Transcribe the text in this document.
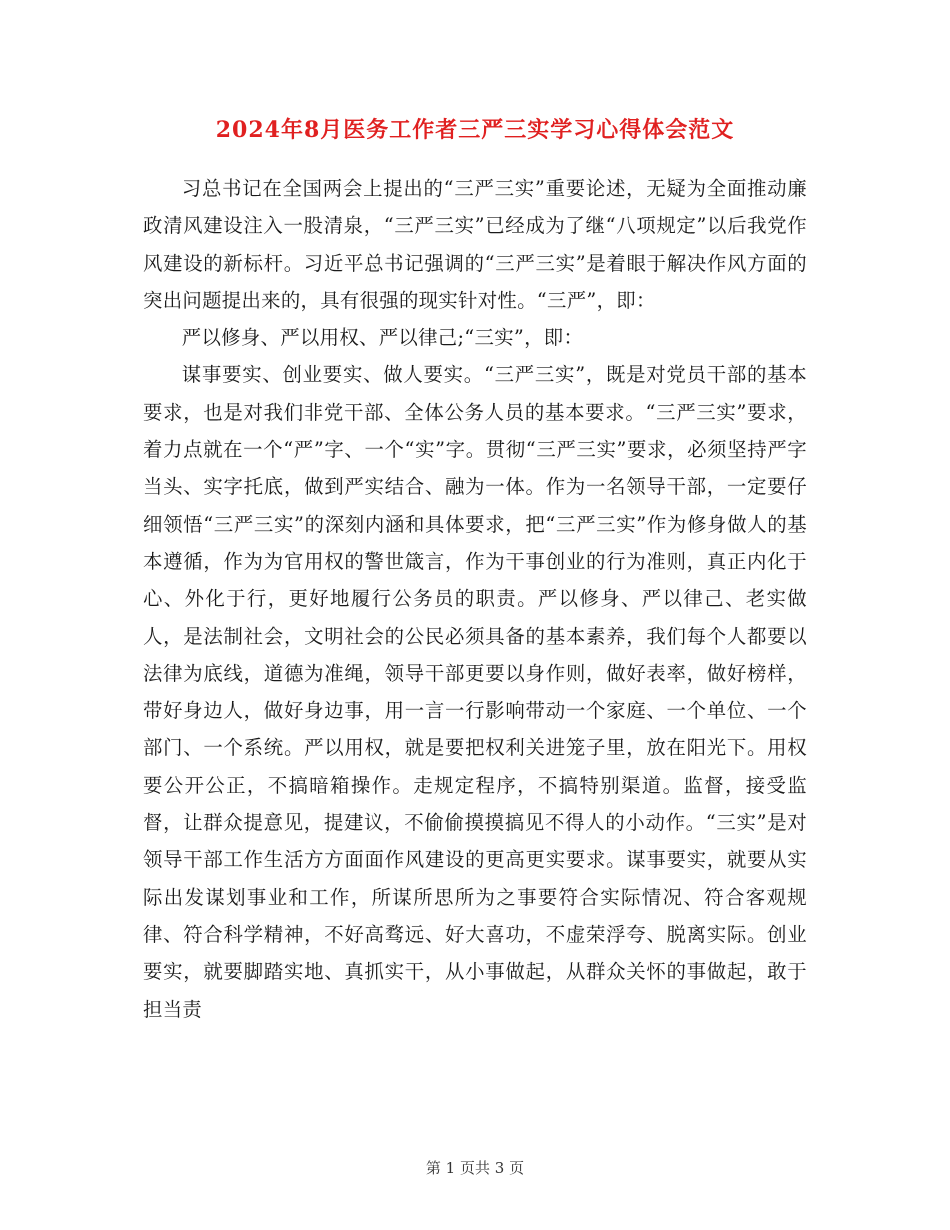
2024年8月医务工作者三严三实学习心得体会范文

习总书记在全国两会上提出的“三严三实”重要论述，无疑为全面推动廉政清风建设注入一股清泉，“三严三实”已经成为了继“八项规定”以后我党作风建设的新标杆。习近平总书记强调的“三严三实”是着眼于解决作风方面的突出问题提出来的，具有很强的现实针对性。“三严”，即：

严以修身、严以用权、严以律己;“三实”，即：

谋事要实、创业要实、做人要实。“三严三实”，既是对党员干部的基本要求，也是对我们非党干部、全体公务人员的基本要求。“三严三实”要求，着力点就在一个“严”字、一个“实”字。贯彻“三严三实”要求，必须坚持严字当头、实字托底，做到严实结合、融为一体。作为一名领导干部，一定要仔细领悟“三严三实”的深刻内涵和具体要求，把“三严三实”作为修身做人的基本遵循，作为为官用权的警世箴言，作为干事创业的行为准则，真正内化于心、外化于行，更好地履行公务员的职责。严以修身、严以律己、老实做人，是法制社会，文明社会的公民必须具备的基本素养，我们每个人都要以法律为底线，道德为准绳，领导干部更要以身作则，做好表率，做好榜样，带好身边人，做好身边事，用一言一行影响带动一个家庭、一个单位、一个部门、一个系统。严以用权，就是要把权利关进笼子里，放在阳光下。用权要公开公正，不搞暗箱操作。走规定程序，不搞特别渠道。监督，接受监督，让群众提意见，提建议，不偷偷摸摸搞见不得人的小动作。“三实”是对领导干部工作生活方方面面作风建设的更高更实要求。谋事要实，就要从实际出发谋划事业和工作，所谋所思所为之事要符合实际情况、符合客观规律、符合科学精神，不好高骛远、好大喜功，不虚荣浮夸、脱离实际。创业要实，就要脚踏实地、真抓实干，从小事做起，从群众关怀的事做起，敢于担当责

第 1 页共 3 页
